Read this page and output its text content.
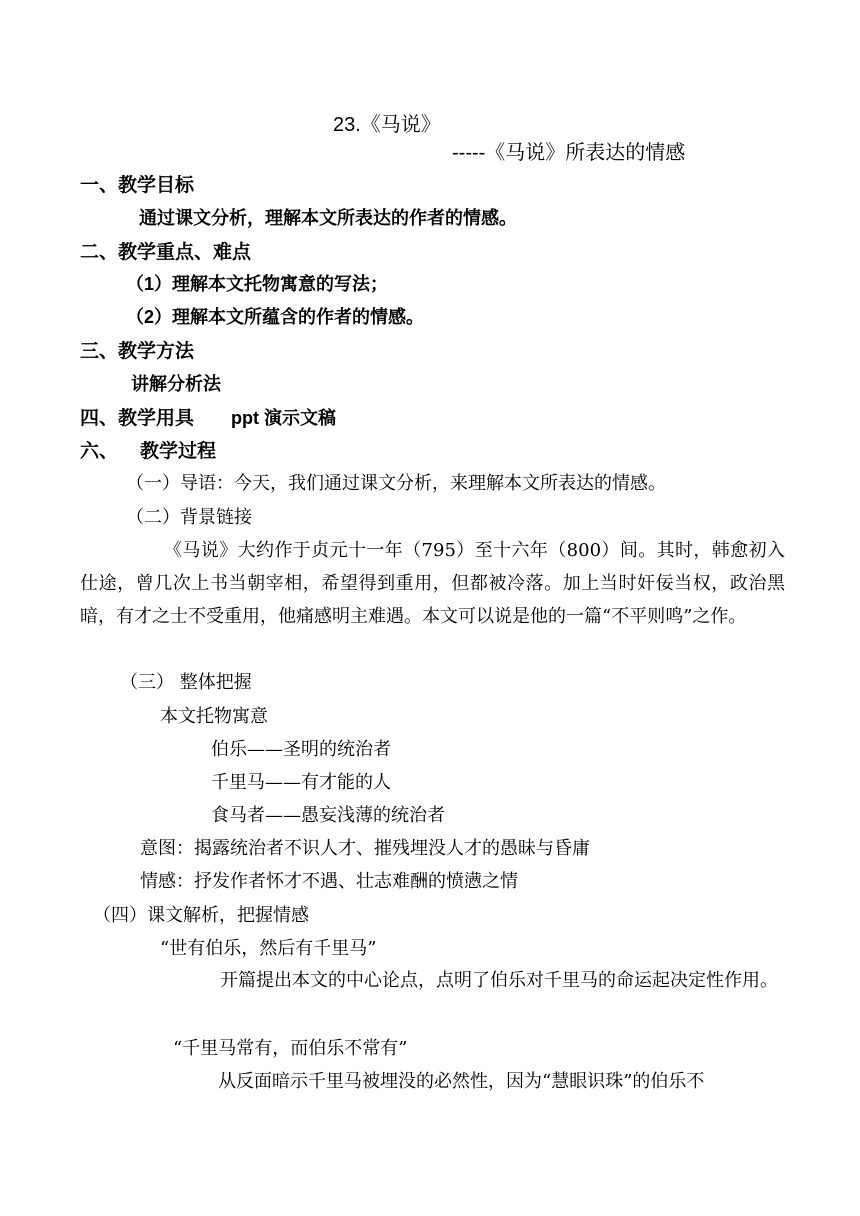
23.《马说》
-----《马说》所表达的情感
一、教学目标
通过课文分析，理解本文所表达的作者的情感。
二、教学重点、难点
（1）理解本文托物寓意的写法；
（2）理解本文所蕴含的作者的情感。
三、教学方法
讲解分析法
四、教学用具 ppt 演示文稿
六、 教学过程
（一）导语：今天，我们通过课文分析，来理解本文所表达的情感。
（二）背景链接
《马说》大约作于贞元十一年（795）至十六年（800）间。其时，韩愈初入仕途，曾几次上书当朝宰相，希望得到重用，但都被冷落。加上当时奸佞当权，政治黑暗，有才之士不受重用，他痛感明主难遇。本文可以说是他的一篇“不平则鸣”之作。
（三） 整体把握
本文托物寓意
伯乐——圣明的统治者
千里马——有才能的人
食马者——愚妄浅薄的统治者
意图：揭露统治者不识人才、摧残埋没人才的愚昧与昏庸
情感：抒发作者怀才不遇、壮志难酬的愤懑之情
（四）课文解析，把握情感
“世有伯乐，然后有千里马”
开篇提出本文的中心论点，点明了伯乐对千里马的命运起决定性作用。
“千里马常有，而伯乐不常有”
从反面暗示千里马被埋没的必然性，因为“慧眼识珠”的伯乐不
